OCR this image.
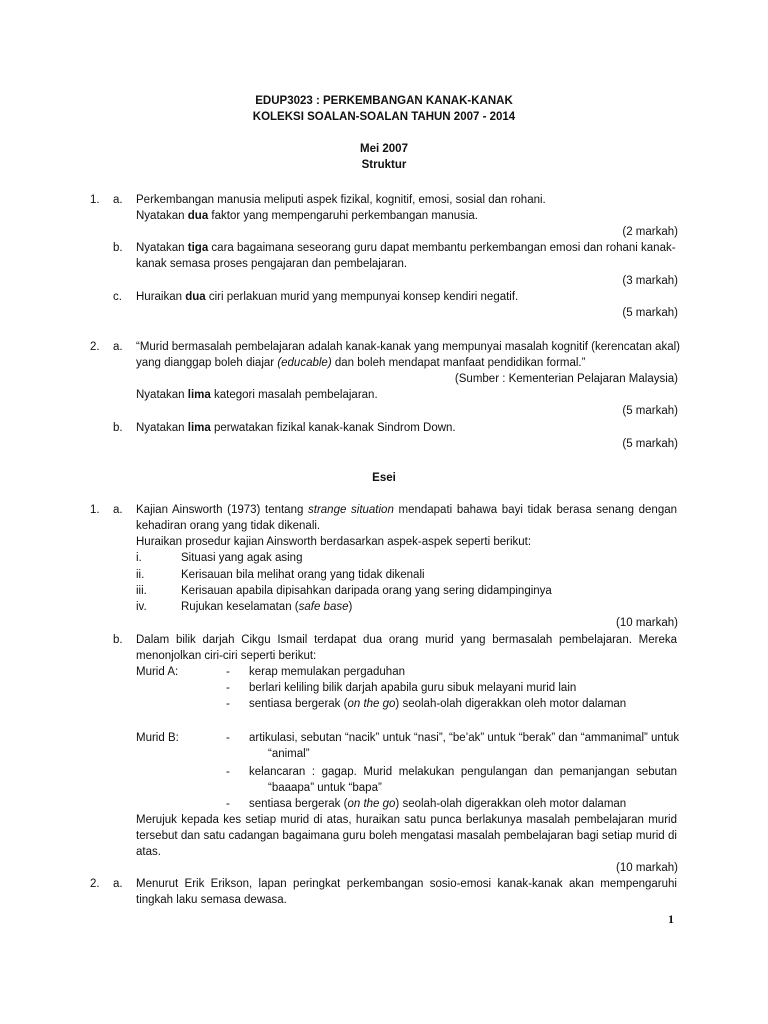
EDUP3023 : PERKEMBANGAN KANAK-KANAK
KOLEKSI SOALAN-SOALAN TAHUN 2007 - 2014
Mei 2007
Struktur
1. a. Perkembangan manusia meliputi aspek fizikal, kognitif, emosi, sosial dan rohani.
Nyatakan dua faktor yang mempengaruhi perkembangan manusia.
(2 markah)
b. Nyatakan tiga cara bagaimana seseorang guru dapat membantu perkembangan emosi dan rohani kanak-
kanak semasa proses pengajaran dan pembelajaran.
(3 markah)
c. Huraikan dua ciri perlakuan murid yang mempunyai konsep kendiri negatif.
(5 markah)
2. a. “Murid bermasalah pembelajaran adalah kanak-kanak yang mempunyai masalah kognitif (kerencatan akal)
yang dianggap boleh diajar (educable) dan boleh mendapat manfaat pendidikan formal.”
(Sumber : Kementerian Pelajaran Malaysia)
Nyatakan lima kategori masalah pembelajaran.
(5 markah)
b. Nyatakan lima perwatakan fizikal kanak-kanak Sindrom Down.
(5 markah)
Esei
1. a. Kajian Ainsworth (1973) tentang strange situation mendapati bahawa bayi tidak berasa senang dengan
kehadiran orang yang tidak dikenali.
Huraikan prosedur kajian Ainsworth berdasarkan aspek-aspek seperti berikut:
i.	Situasi yang agak asing
ii.	Kerisauan bila melihat orang yang tidak dikenali
iii.	Kerisauan apabila dipisahkan daripada orang yang sering didampinginya
iv.	Rujukan keselamatan (safe base)
(10 markah)
b. Dalam bilik darjah Cikgu Ismail terdapat dua orang murid yang bermasalah pembelajaran. Mereka
menonjolkan ciri-ciri seperti berikut:
Murid A:	- kerap memulakan pergaduhan
- berlari keliling bilik darjah apabila guru sibuk melayani murid lain
- sentiasa bergerak (on the go) seolah-olah digerakkan oleh motor dalaman
Murid B:	- artikulasi, sebutan “nacik” untuk “nasi”, “be’ak” untuk “berak” dan “ammanimal” untuk
“animal”
- kelancaran : gagap. Murid melakukan pengulangan dan pemanjangan sebutan
“baaapa” untuk “bapa”
- sentiasa bergerak (on the go) seolah-olah digerakkan oleh motor dalaman
Merujuk kepada kes setiap murid di atas, huraikan satu punca berlakunya masalah pembelajaran murid
tersebut dan satu cadangan bagaimana guru boleh mengatasi masalah pembelajaran bagi setiap murid di
atas.
(10 markah)
2. a. Menurut Erik Erikson, lapan peringkat perkembangan sosio-emosi kanak-kanak akan mempengaruhi
tingkah laku semasa dewasa.
1
